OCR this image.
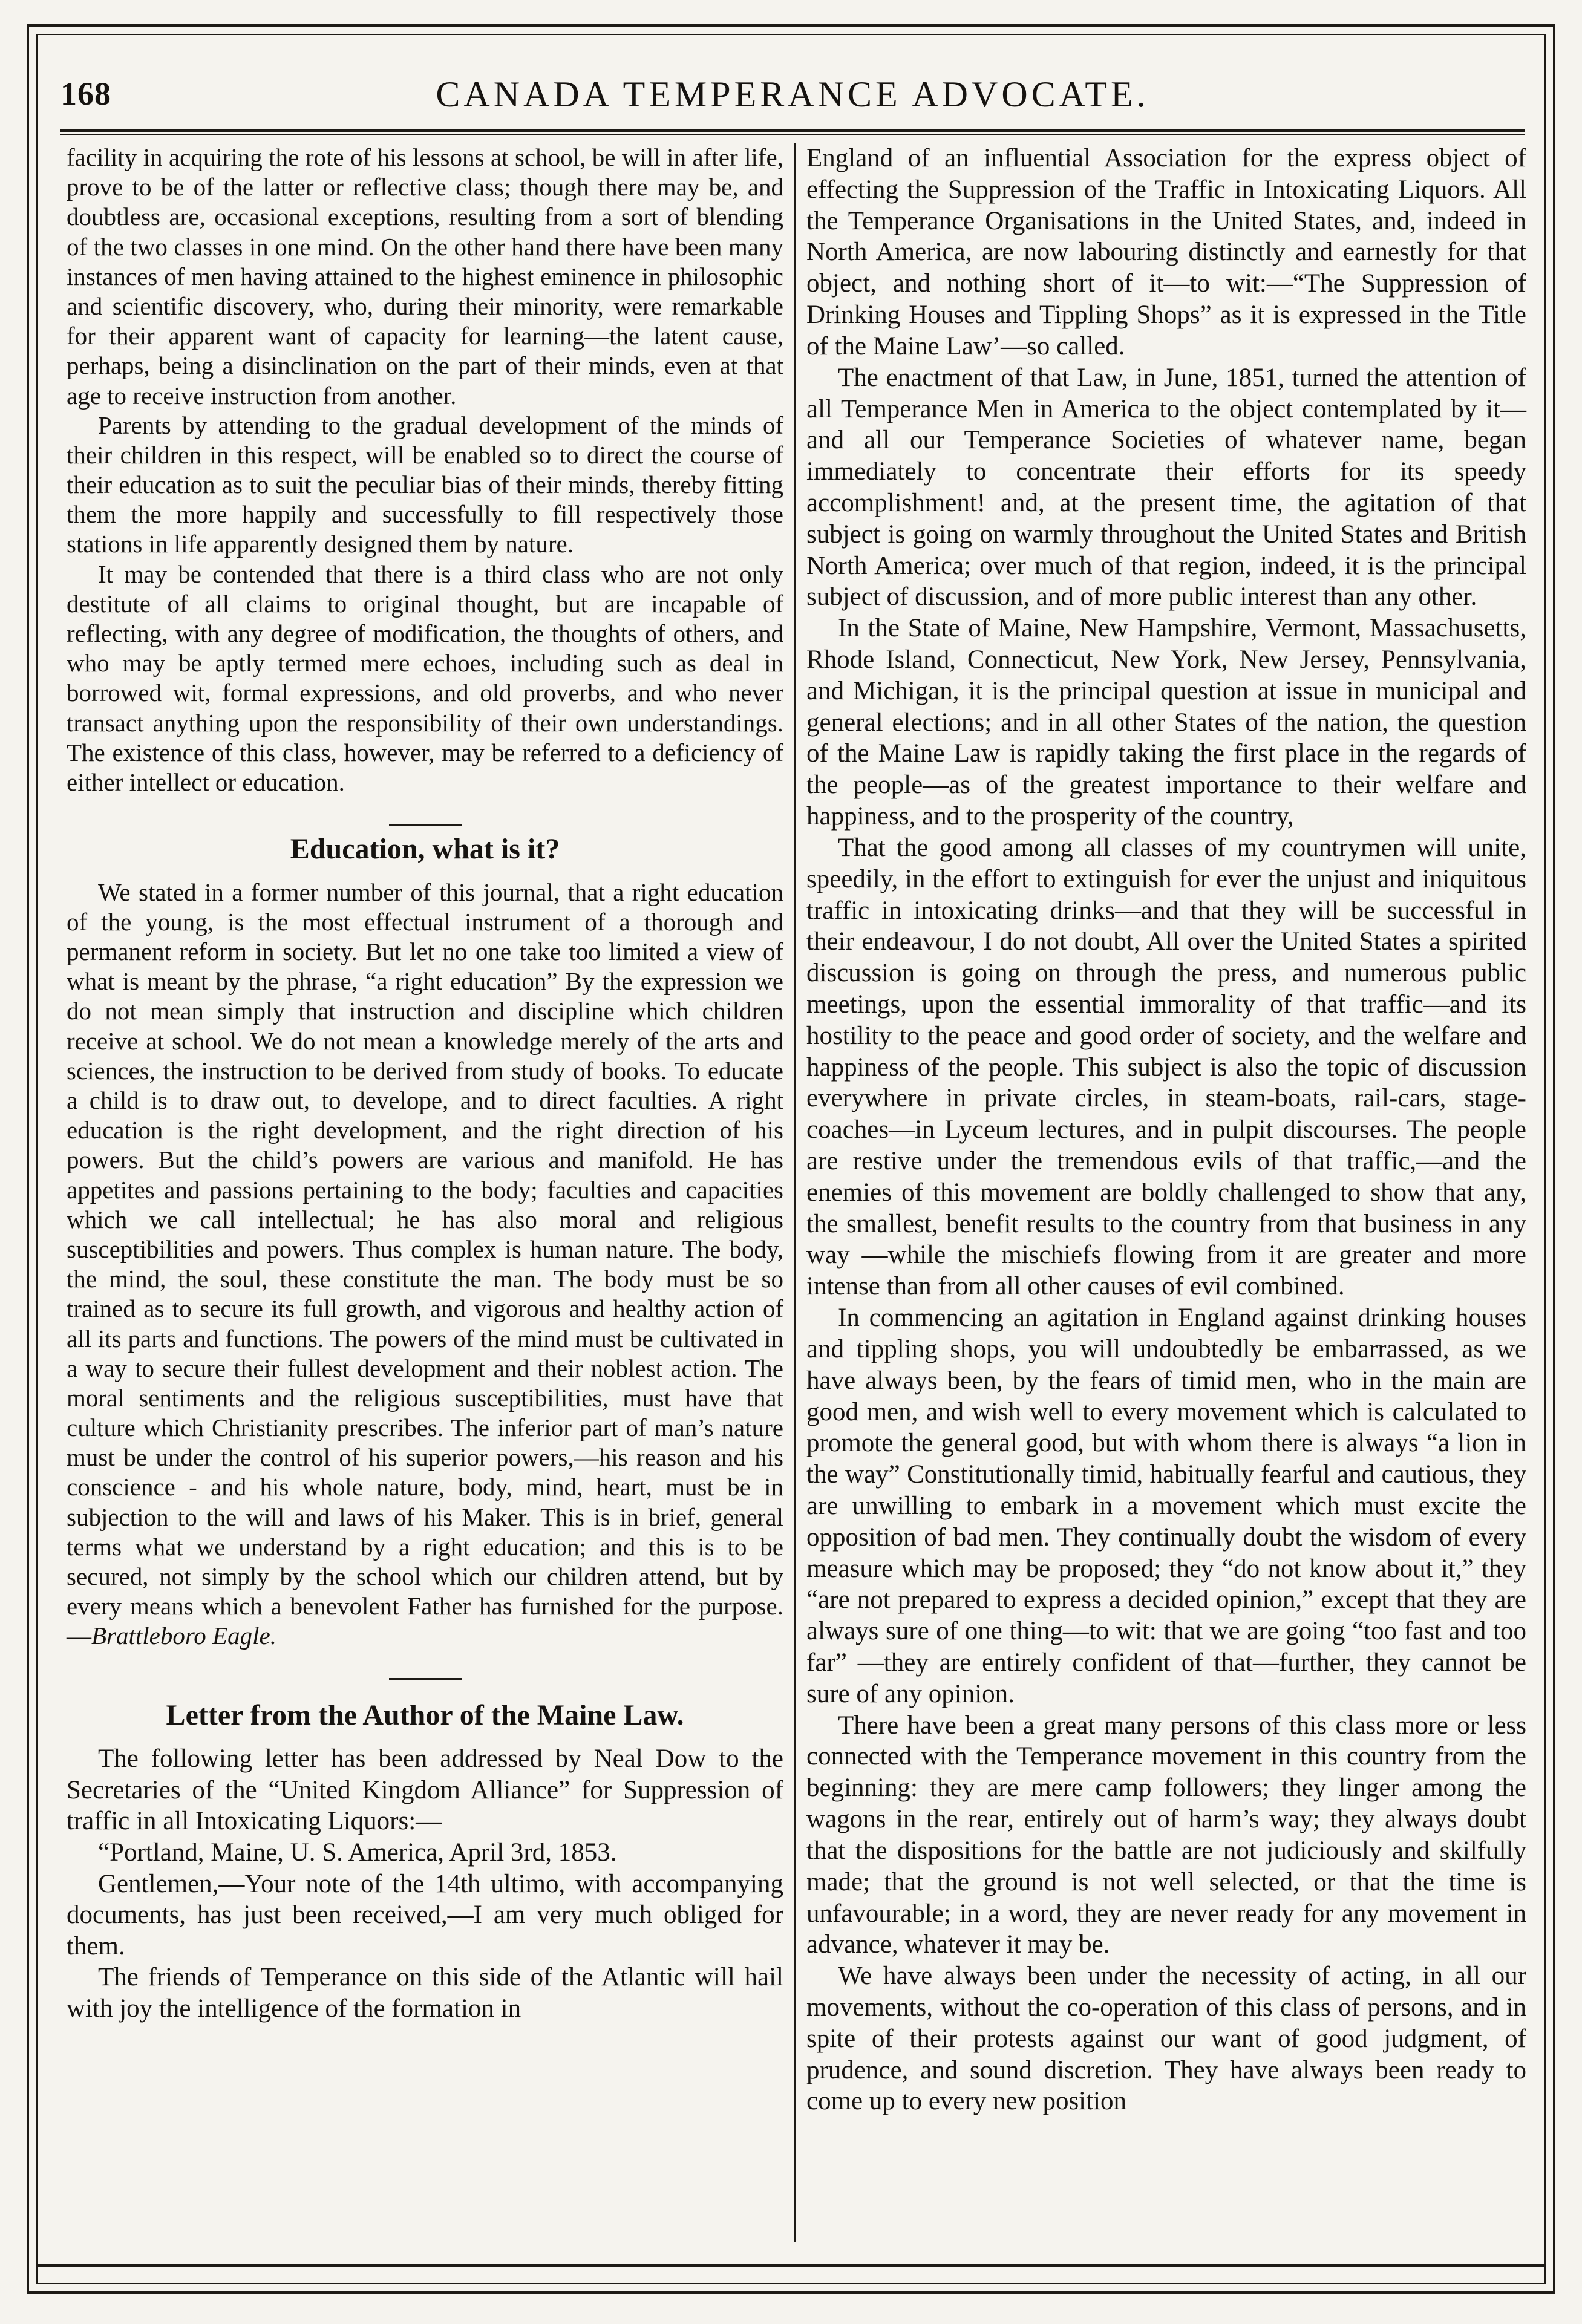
168	CANADA TEMPERANCE ADVOCATE.

facility in acquiring the rote of his lessons at school, be will in after life, prove to be of the latter or reflective class; though there may be, and doubtless are, occasional exceptions, resulting from a sort of blending of the two classes in one mind. On the other hand there have been many instances of men having attained to the highest eminence in philosophic and scientific discovery, who, during their minority, were remarkable for their apparent want of capacity for learning—the latent cause, perhaps, being a disinclination on the part of their minds, even at that age to receive instruction from another.

Parents by attending to the gradual development of the minds of their children in this respect, will be enabled so to direct the course of their education as to suit the peculiar bias of their minds, thereby fitting them the more happily and successfully to fill respectively those stations in life apparently designed them by nature.

It may be contended that there is a third class who are not only destitute of all claims to original thought, but are incapable of reflecting, with any degree of modification, the thoughts of others, and who may be aptly termed mere echoes, including such as deal in borrowed wit, formal expressions, and old proverbs, and who never transact anything upon the responsibility of their own understandings. The existence of this class, however, may be referred to a deficiency of either intellect or education.

Education, what is it?

We stated in a former number of this journal, that a right education of the young, is the most effectual instrument of a thorough and permanent reform in society. But let no one take too limited a view of what is meant by the phrase, “a right education” By the expression we do not mean simply that instruction and discipline which children receive at school. We do not mean a knowledge merely of the arts and sciences, the instruction to be derived from study of books. To educate a child is to draw out, to develope, and to direct faculties. A right education is the right development, and the right direction of his powers. But the child’s powers are various and manifold. He has appetites and passions pertaining to the body; faculties and capacities which we call intellectual; he has also moral and religious susceptibilities and powers. Thus complex is human nature. The body, the mind, the soul, these constitute the man. The body must be so trained as to secure its full growth, and vigorous and healthy action of all its parts and functions. The powers of the mind must be cultivated in a way to secure their fullest development and their noblest action. The moral sentiments and the religious susceptibilities, must have that culture which Christianity prescribes. The inferior part of man’s nature must be under the control of his superior powers,—his reason and his conscience - and his whole nature, body, mind, heart, must be in subjection to the will and laws of his Maker. This is in brief, general terms what we understand by a right education; and this is to be secured, not simply by the school which our children attend, but by every means which a benevolent Father has furnished for the purpose.—Brattleboro Eagle.

Letter from the Author of the Maine Law.

The following letter has been addressed by Neal Dow to the Secretaries of the “United Kingdom Alliance” for Suppression of traffic in all Intoxicating Liquors:—

“Portland, Maine, U. S. America, April 3rd, 1853.

Gentlemen,—Your note of the 14th ultimo, with accompanying documents, has just been received,—I am very much obliged for them.

The friends of Temperance on this side of the Atlantic will hail with joy the intelligence of the formation in

England of an influential Association for the express object of effecting the Suppression of the Traffic in Intoxicating Liquors. All the Temperance Organisations in the United States, and, indeed in North America, are now labouring distinctly and earnestly for that object, and nothing short of it—to wit:—“The Suppression of Drinking Houses and Tippling Shops” as it is expressed in the Title of the Maine Law’—so called.

The enactment of that Law, in June, 1851, turned the attention of all Temperance Men in America to the object contemplated by it—and all our Temperance Societies of whatever name, began immediately to concentrate their efforts for its speedy accomplishment! and, at the present time, the agitation of that subject is going on warmly throughout the United States and British North America; over much of that region, indeed, it is the principal subject of discussion, and of more public interest than any other.

In the State of Maine, New Hampshire, Vermont, Massachusetts, Rhode Island, Connecticut, New York, New Jersey, Pennsylvania, and Michigan, it is the principal question at issue in municipal and general elections; and in all other States of the nation, the question of the Maine Law is rapidly taking the first place in the regards of the people—as of the greatest importance to their welfare and happiness, and to the prosperity of the country,

That the good among all classes of my countrymen will unite, speedily, in the effort to extinguish for ever the unjust and iniquitous traffic in intoxicating drinks—and that they will be successful in their endeavour, I do not doubt, All over the United States a spirited discussion is going on through the press, and numerous public meetings, upon the essential immorality of that traffic—and its hostility to the peace and good order of society, and the welfare and happiness of the people. This subject is also the topic of discussion everywhere in private circles, in steam-boats, rail-cars, stage-coaches—in Lyceum lectures, and in pulpit discourses. The people are restive under the tremendous evils of that traffic,—and the enemies of this movement are boldly challenged to show that any, the smallest, benefit results to the country from that business in any way —while the mischiefs flowing from it are greater and more intense than from all other causes of evil combined.

In commencing an agitation in England against drinking houses and tippling shops, you will undoubtedly be embarrassed, as we have always been, by the fears of timid men, who in the main are good men, and wish well to every movement which is calculated to promote the general good, but with whom there is always “a lion in the way” Constitutionally timid, habitually fearful and cautious, they are unwilling to embark in a movement which must excite the opposition of bad men. They continually doubt the wisdom of every measure which may be proposed; they “do not know about it,” they “are not prepared to express a decided opinion,” except that they are always sure of one thing—to wit: that we are going “too fast and too far” —they are entirely confident of that—further, they cannot be sure of any opinion.

There have been a great many persons of this class more or less connected with the Temperance movement in this country from the beginning: they are mere camp followers; they linger among the wagons in the rear, entirely out of harm’s way; they always doubt that the dispositions for the battle are not judiciously and skilfully made; that the ground is not well selected, or that the time is unfavourable; in a word, they are never ready for any movement in advance, whatever it may be.

We have always been under the necessity of acting, in all our movements, without the co-operation of this class of persons, and in spite of their protests against our want of good judgment, of prudence, and sound discretion. They have always been ready to come up to every new position
